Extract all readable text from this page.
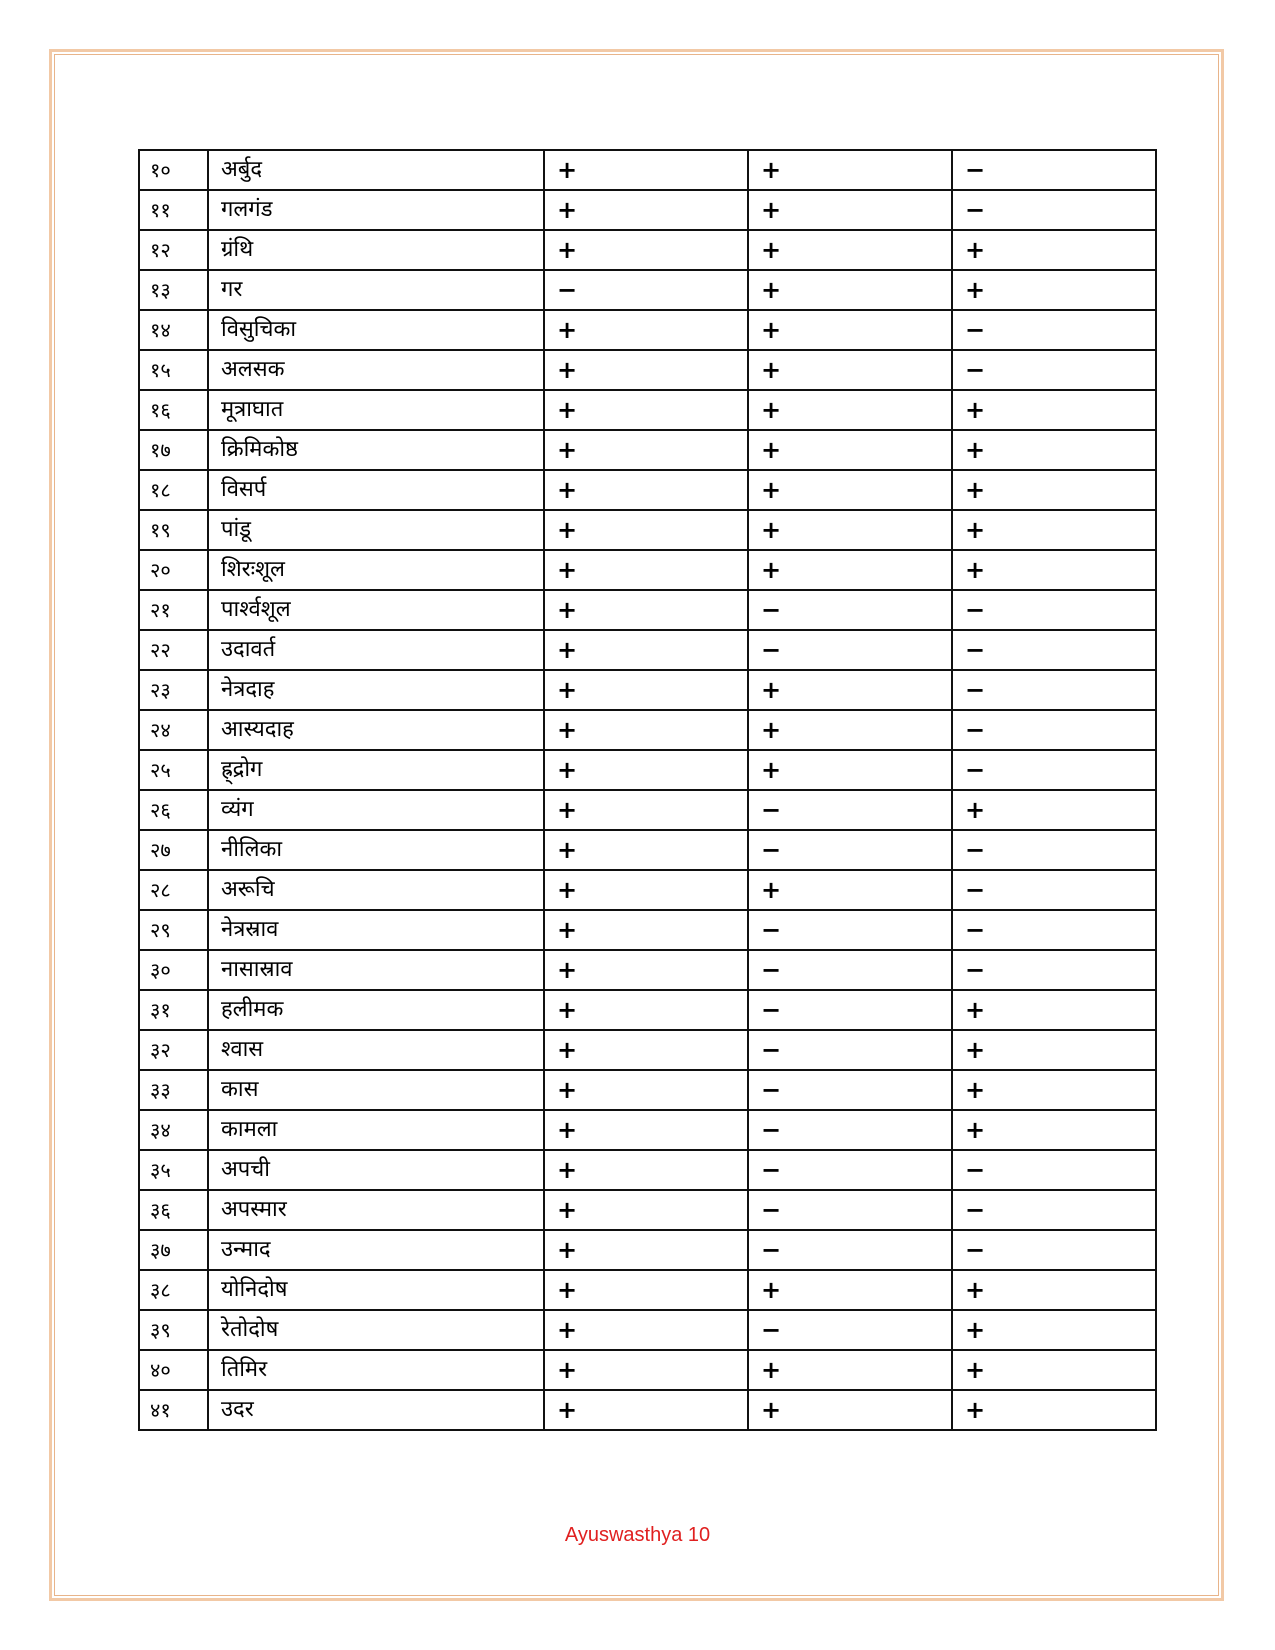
१०	अर्बुद	+	+	−
११	गलगंड	+	+	−
१२	ग्रंथि	+	+	+
१३	गर	−	+	+
१४	विसुचिका	+	+	−
१५	अलसक	+	+	−
१६	मूत्राघात	+	+	+
१७	क्रिमिकोष्ठ	+	+	+
१८	विसर्प	+	+	+
१९	पांडू	+	+	+
२०	शिरःशूल	+	+	+
२१	पार्श्वशूल	+	−	−
२२	उदावर्त	+	−	−
२३	नेत्रदाह	+	+	−
२४	आस्यदाह	+	+	−
२५	ह्र्द्रोग	+	+	−
२६	व्यंग	+	−	+
२७	नीलिका	+	−	−
२८	अरूचि	+	+	−
२९	नेत्रस्राव	+	−	−
३०	नासास्राव	+	−	−
३१	हलीमक	+	−	+
३२	श्वास	+	−	+
३३	कास	+	−	+
३४	कामला	+	−	+
३५	अपची	+	−	−
३६	अपस्मार	+	−	−
३७	उन्माद	+	−	−
३८	योनिदोष	+	+	+
३९	रेतोदोष	+	−	+
४०	तिमिर	+	+	+
४१	उदर	+	+	+
Ayuswasthya 10
